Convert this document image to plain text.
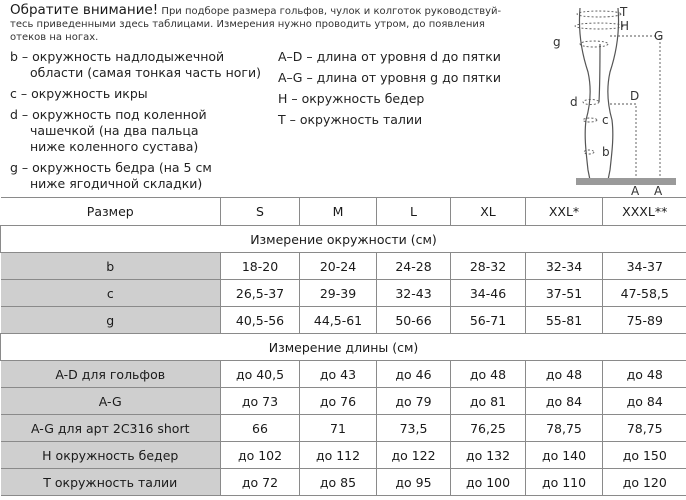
Обратите внимание! При подборе размера гольфов, чулок и колготок руководствуй-тесь приведенными здесь таблицами. Измерения нужно проводить утром, до появления отеков на ногах.
b – окружность надлодыжечной
области (самая тонкая часть ноги)
c – окружность икры
d – окружность под коленной
чашечкой (на два пальца
ниже коленного сустава)
g – окружность бедра (на 5 см
ниже ягодичной складки)
A–D – длина от уровня d до пятки
A–G – длина от уровня g до пятки
H – окружность бедер
T – окружность талии
T
H
g	G
d	D
c
b
A A
Размер	S	M	L	XL	XXL*	XXXL**
Измерение окружности (см)						
b	18-20	20-24	24-28	28-32	32-34	34-37
c	26,5-37	29-39	32-43	34-46	37-51	47-58,5
g	40,5-56	44,5-61	50-66	56-71	55-81	75-89
Измерение длины (см)						
A-D для гольфов	до 40,5	до 43	до 46	до 48	до 48	до 48
A-G	до 73	до 76	до 79	до 81	до 84	до 84
A-G для арт 2С316 short	66	71	73,5	76,25	78,75	78,75
Н окружность бедер	до 102	до 112	до 122	до 132	до 140	до 150
Т окружность талии	до 72	до 85	до 95	до 100	до 110	до 120
